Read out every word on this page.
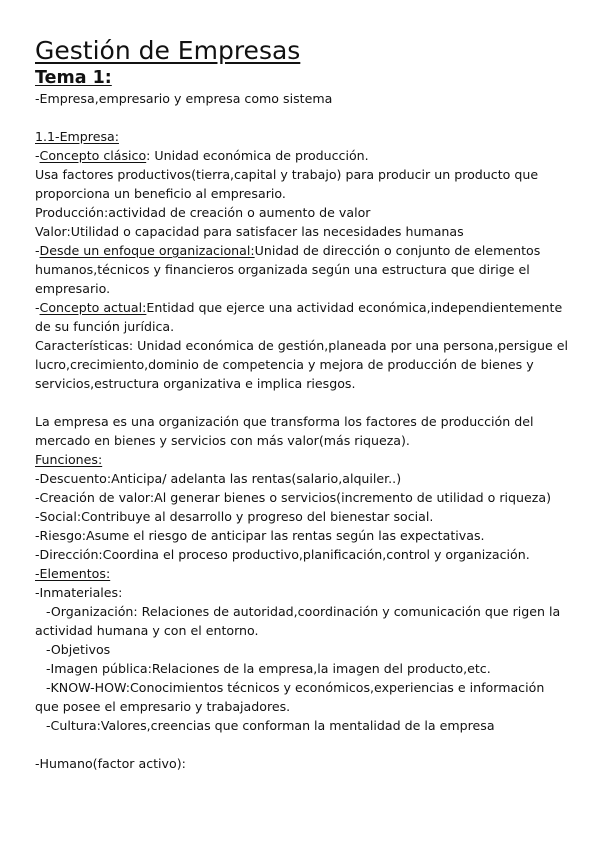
Gestión de Empresas
Tema 1:

-Empresa,empresario y empresa como sistema

1.1-Empresa:

-Concepto clásico: Unidad económica de producción.

Usa factores productivos(tierra,capital y trabajo) para producir un producto que proporciona un beneficio al empresario.

Producción:actividad de creación o aumento de valor

Valor:Utilidad o capacidad para satisfacer las necesidades humanas

-Desde un enfoque organizacional:Unidad de dirección o conjunto de elementos humanos,técnicos y financieros organizada según una estructura que dirige el empresario.

-Concepto actual:Entidad que ejerce una actividad económica,independientemente de su función jurídica.

Características: Unidad económica de gestión,planeada por una persona,persigue el lucro,crecimiento,dominio de competencia y mejora de producción de bienes y servicios,estructura organizativa e implica riesgos.

La empresa es una organización que transforma los factores de producción del mercado en bienes y servicios con más valor(más riqueza).

Funciones:

-Descuento:Anticipa/ adelanta las rentas(salario,alquiler..)

-Creación de valor:Al generar bienes o servicios(incremento de utilidad o riqueza)

-Social:Contribuye al desarrollo y progreso del bienestar social.

-Riesgo:Asume el riesgo de anticipar las rentas según las expectativas.

-Dirección:Coordina el proceso productivo,planificación,control y organización.

-Elementos:

-Inmateriales:

-Organización: Relaciones de autoridad,coordinación y comunicación que rigen la actividad humana y con el entorno.

-Objetivos

-Imagen pública:Relaciones de la empresa,la imagen del producto,etc.

-KNOW-HOW:Conocimientos técnicos y económicos,experiencias e información que posee el empresario y trabajadores.

-Cultura:Valores,creencias que conforman la mentalidad de la empresa

-Humano(factor activo):
